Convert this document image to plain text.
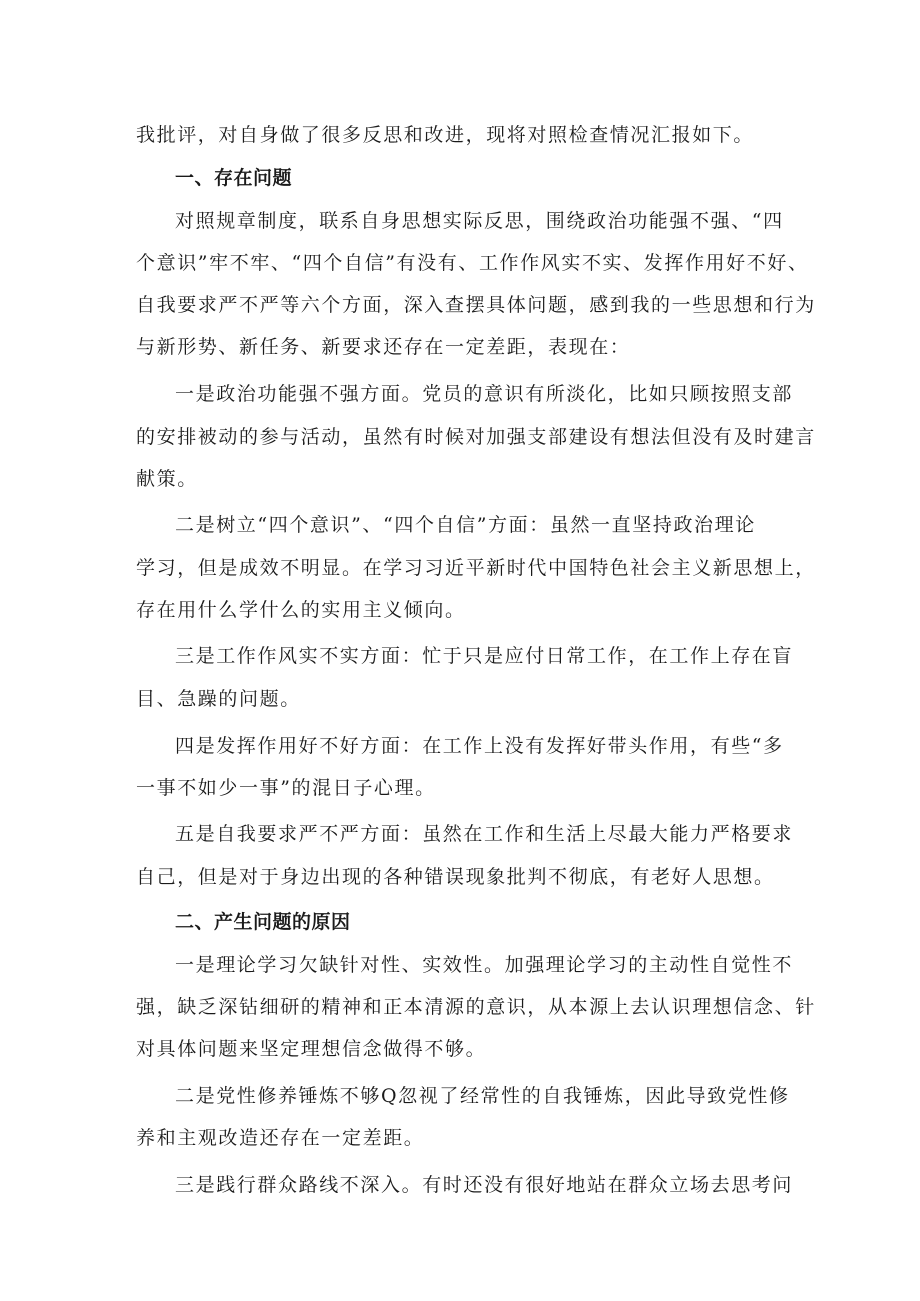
我批评，对自身做了很多反思和改进，现将对照检查情况汇报如下。
一、存在问题
对照规章制度，联系自身思想实际反思，围绕政治功能强不强、“四
个意识”牢不牢、“四个自信”有没有、工作作风实不实、发挥作用好不好、
自我要求严不严等六个方面，深入查摆具体问题，感到我的一些思想和行为
与新形势、新任务、新要求还存在一定差距，表现在：
一是政治功能强不强方面。党员的意识有所淡化，比如只顾按照支部
的安排被动的参与活动，虽然有时候对加强支部建设有想法但没有及时建言
献策。
二是树立“四个意识”、“四个自信”方面：虽然一直坚持政治理论
学习，但是成效不明显。在学习习近平新时代中国特色社会主义新思想上，
存在用什么学什么的实用主义倾向。
三是工作作风实不实方面：忙于只是应付日常工作，在工作上存在盲
目、急躁的问题。
四是发挥作用好不好方面：在工作上没有发挥好带头作用，有些“多
一事不如少一事”的混日子心理。
五是自我要求严不严方面：虽然在工作和生活上尽最大能力严格要求
自己，但是对于身边出现的各种错误现象批判不彻底，有老好人思想。
二、产生问题的原因
一是理论学习欠缺针对性、实效性。加强理论学习的主动性自觉性不
强，缺乏深钻细研的精神和正本清源的意识，从本源上去认识理想信念、针
对具体问题来坚定理想信念做得不够。
二是党性修养锤炼不够Q忽视了经常性的自我锤炼，因此导致党性修
养和主观改造还存在一定差距。
三是践行群众路线不深入。有时还没有很好地站在群众立场去思考问
